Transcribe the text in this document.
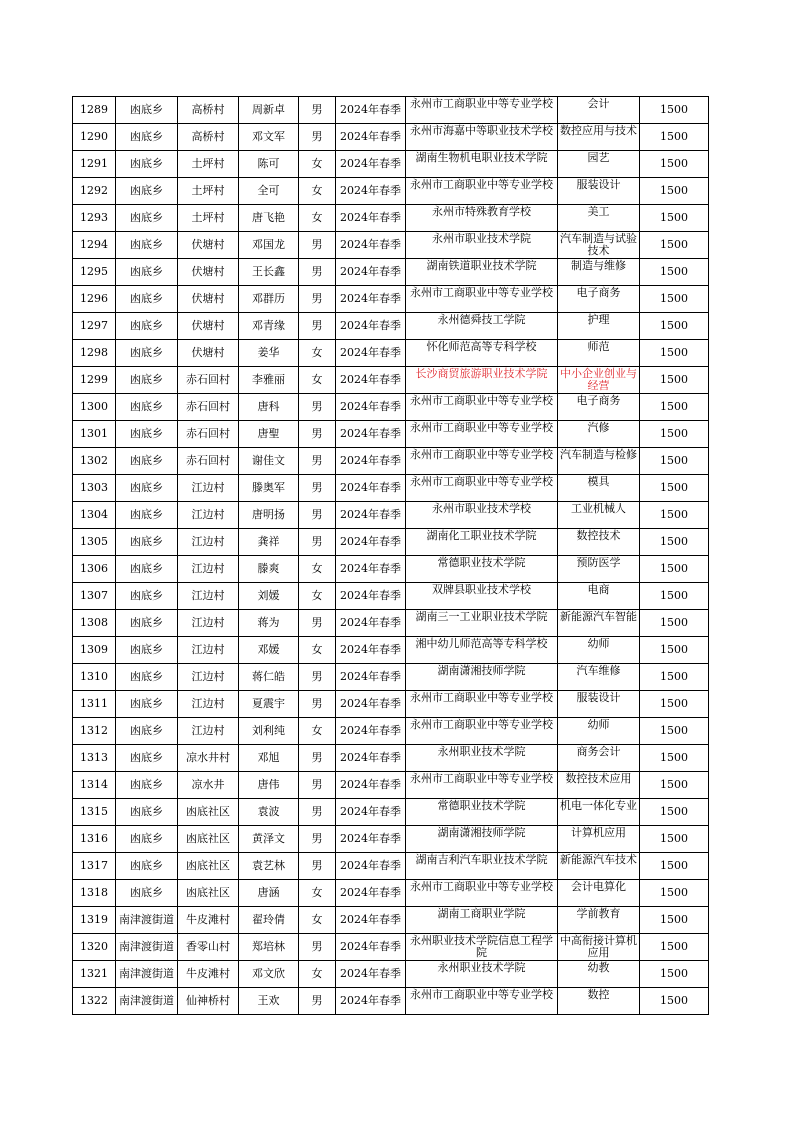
1289	凼底乡	高桥村	周新卓	男	2024年春季	永州市工商职业中等专业学校	会计	1500
1290	凼底乡	高桥村	邓文军	男	2024年春季	永州市海嘉中等职业技术学校	数控应用与技术	1500
1291	凼底乡	土坪村	陈可	女	2024年春季	湖南生物机电职业技术学院	园艺	1500
1292	凼底乡	土坪村	全可	女	2024年春季	永州市工商职业中等专业学校	服装设计	1500
1293	凼底乡	土坪村	唐飞艳	女	2024年春季	永州市特殊教育学校	美工	1500
1294	凼底乡	伏塘村	邓国龙	男	2024年春季	永州市职业技术学院	汽车制造与试验技术	1500
1295	凼底乡	伏塘村	王长鑫	男	2024年春季	湖南铁道职业技术学院	制造与维修	1500
1296	凼底乡	伏塘村	邓群历	男	2024年春季	永州市工商职业中等专业学校	电子商务	1500
1297	凼底乡	伏塘村	邓青缘	男	2024年春季	永州德舜技工学院	护理	1500
1298	凼底乡	伏塘村	姜华	女	2024年春季	怀化师范高等专科学校	师范	1500
1299	凼底乡	赤石回村	李雅丽	女	2024年春季	长沙商贸旅游职业技术学院	中小企业创业与经营	1500
1300	凼底乡	赤石回村	唐科	男	2024年春季	永州市工商职业中等专业学校	电子商务	1500
1301	凼底乡	赤石回村	唐聖	男	2024年春季	永州市工商职业中等专业学校	汽修	1500
1302	凼底乡	赤石回村	谢佳文	男	2024年春季	永州市工商职业中等专业学校	汽车制造与检修	1500
1303	凼底乡	江边村	滕奥军	男	2024年春季	永州市工商职业中等专业学校	模具	1500
1304	凼底乡	江边村	唐明扬	男	2024年春季	永州市职业技术学校	工业机械人	1500
1305	凼底乡	江边村	龚祥	男	2024年春季	湖南化工职业技术学院	数控技术	1500
1306	凼底乡	江边村	滕爽	女	2024年春季	常德职业技术学院	预防医学	1500
1307	凼底乡	江边村	刘媛	女	2024年春季	双牌县职业技术学校	电商	1500
1308	凼底乡	江边村	蒋为	男	2024年春季	湖南三一工业职业技术学院	新能源汽车智能	1500
1309	凼底乡	江边村	邓媛	女	2024年春季	湘中幼儿师范高等专科学校	幼师	1500
1310	凼底乡	江边村	蒋仁皓	男	2024年春季	湖南潇湘技师学院	汽车维修	1500
1311	凼底乡	江边村	夏震宇	男	2024年春季	永州市工商职业中等专业学校	服装设计	1500
1312	凼底乡	江边村	刘利纯	女	2024年春季	永州市工商职业中等专业学校	幼师	1500
1313	凼底乡	凉水井村	邓旭	男	2024年春季	永州职业技术学院	商务会计	1500
1314	凼底乡	凉水井	唐伟	男	2024年春季	永州市工商职业中等专业学校	数控技术应用	1500
1315	凼底乡	凼底社区	袁波	男	2024年春季	常德职业技术学院	机电一体化专业	1500
1316	凼底乡	凼底社区	黄泽文	男	2024年春季	湖南潇湘技师学院	计算机应用	1500
1317	凼底乡	凼底社区	袁艺林	男	2024年春季	湖南吉利汽车职业技术学院	新能源汽车技术	1500
1318	凼底乡	凼底社区	唐涵	女	2024年春季	永州市工商职业中等专业学校	会计电算化	1500
1319	南津渡街道	牛皮滩村	翟玲倩	女	2024年春季	湖南工商职业学院	学前教育	1500
1320	南津渡街道	香零山村	郑培林	男	2024年春季	永州职业技术学院信息工程学院	中高衔接计算机应用	1500
1321	南津渡街道	牛皮滩村	邓文欣	女	2024年春季	永州职业技术学院	幼教	1500
1322	南津渡街道	仙神桥村	王欢	男	2024年春季	永州市工商职业中等专业学校	数控	1500
